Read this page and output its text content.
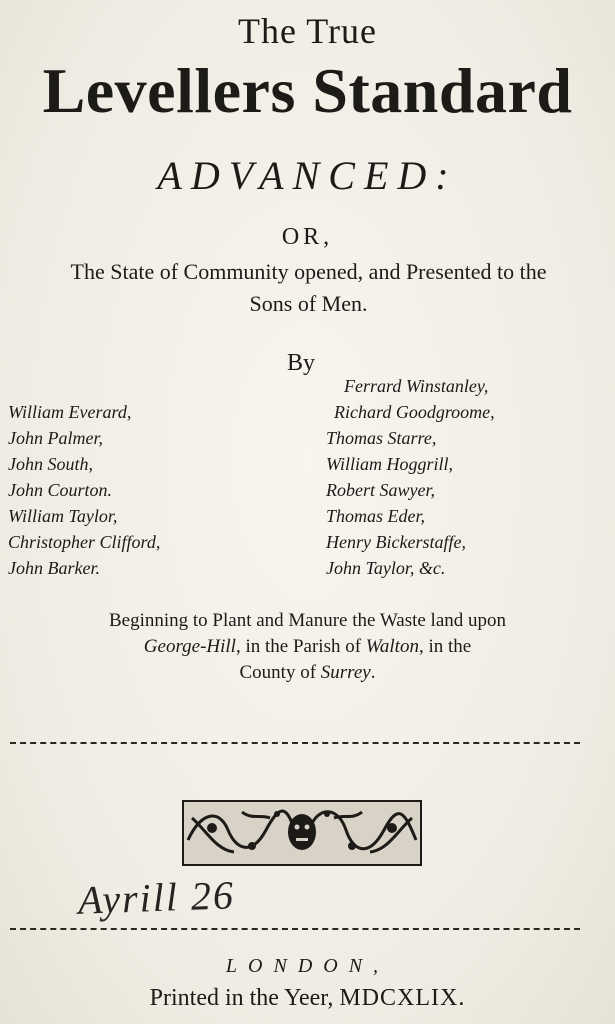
The True
Levellers Standard
ADVANCED:
OR,
The State of Community opened, and Presented to the
Sons of Men.
By
William Everard,
John Palmer,
John South,
John Courton.
William Taylor,
Christopher Clifford,
John Barker.
Ferrard Winstanley,
Richard Goodgroome,
Thomas Starre,
William Hoggrill,
Robert Sawyer,
Thomas Eder,
Henry Bickerstaffe,
John Taylor, &c.
Beginning to Plant and Manure the Waste land upon
George-Hill, in the Parish of Walton, in the
County of Surrey.
Ayrill 26
LONDON,
Printed in the Yeer, MDCXLIX.
